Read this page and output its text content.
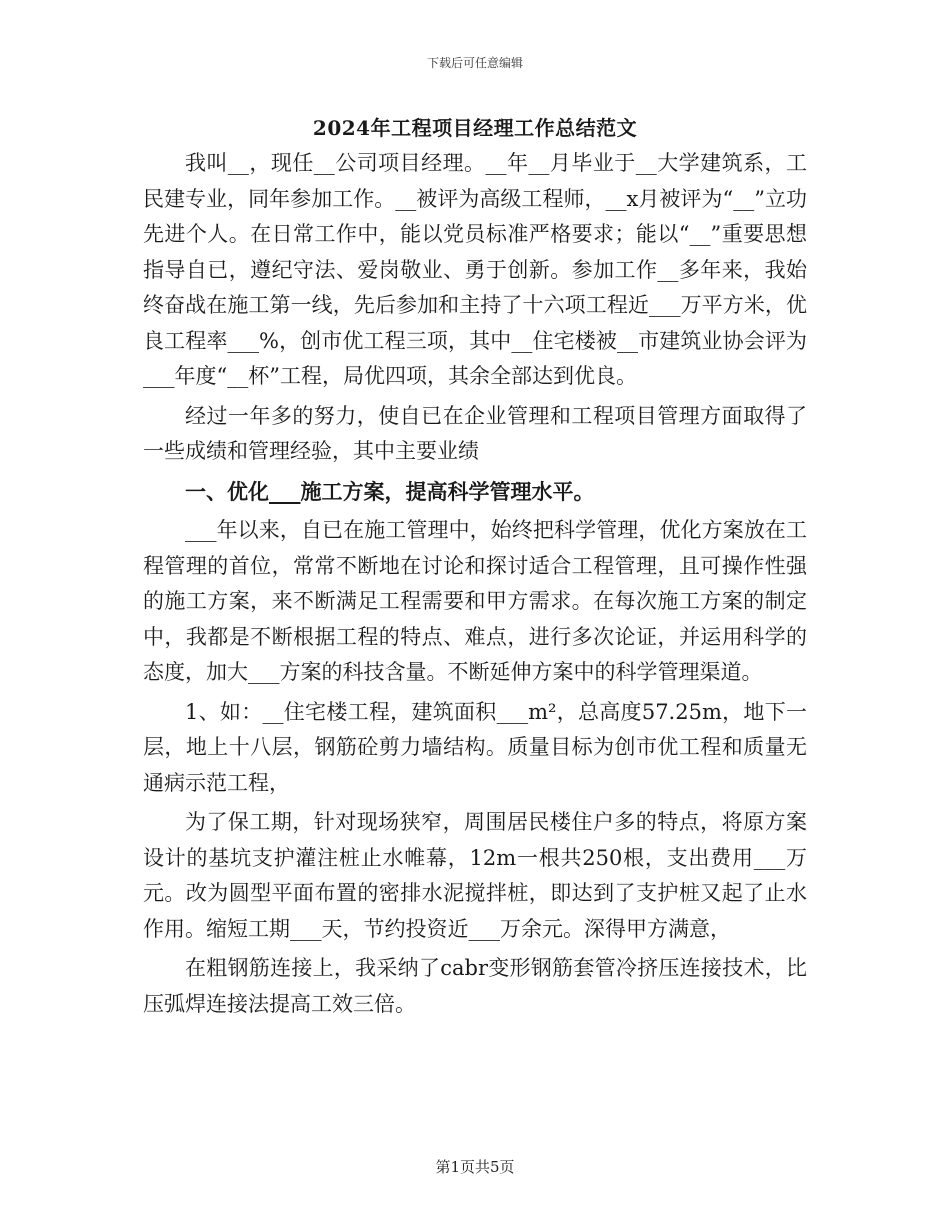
下载后可任意编辑
2024年工程项目经理工作总结范文

我叫__，现任__公司项目经理。__年__月毕业于__大学建筑系，工民建专业，同年参加工作。__被评为高级工程师，__x月被评为“__”立功先进个人。在日常工作中，能以党员标准严格要求；能以“__”重要思想指导自已，遵纪守法、爱岗敬业、勇于创新。参加工作__多年来，我始终奋战在施工第一线，先后参加和主持了十六项工程近___万平方米，优良工程率___%，创市优工程三项，其中__住宅楼被__市建筑业协会评为___年度“__杯”工程，局优四项，其余全部达到优良。

经过一年多的努力，使自已在企业管理和工程项目管理方面取得了一些成绩和管理经验，其中主要业绩

一、优化___施工方案，提高科学管理水平。

___年以来，自已在施工管理中，始终把科学管理，优化方案放在工程管理的首位，常常不断地在讨论和探讨适合工程管理，且可操作性强的施工方案，来不断满足工程需要和甲方需求。在每次施工方案的制定中，我都是不断根据工程的特点、难点，进行多次论证，并运用科学的态度，加大___方案的科技含量。不断延伸方案中的科学管理渠道。

1、如：__住宅楼工程，建筑面积___m²，总高度57.25m，地下一层，地上十八层，钢筋砼剪力墙结构。质量目标为创市优工程和质量无通病示范工程，

为了保工期，针对现场狭窄，周围居民楼住户多的特点，将原方案设计的基坑支护灌注桩止水帷幕，12m一根共250根，支出费用___万元。改为圆型平面布置的密排水泥搅拌桩，即达到了支护桩又起了止水作用。缩短工期___天，节约投资近___万余元。深得甲方满意，

在粗钢筋连接上，我采纳了cabr变形钢筋套管冷挤压连接技术，比压弧焊连接法提高工效三倍。

第1页共5页
